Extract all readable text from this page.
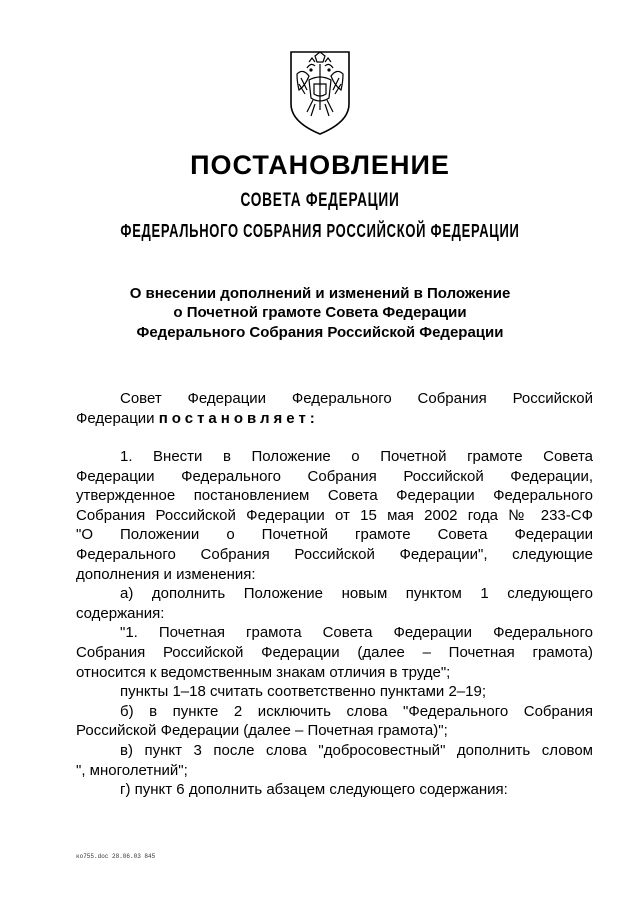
ПОСТАНОВЛЕНИЕ
СОВЕТА ФЕДЕРАЦИИ
ФЕДЕРАЛЬНОГО СОБРАНИЯ РОССИЙСКОЙ ФЕДЕРАЦИИ
О внесении дополнений и изменений в Положение
о Почетной грамоте Совета Федерации
Федерального Собрания Российской Федерации
Совет Федерации Федерального Собрания Российской
Федерации постановляет:
1. Внести в Положение о Почетной грамоте Совета
Федерации Федерального Собрания Российской Федерации,
утвержденное постановлением Совета Федерации Федерального
Собрания Российской Федерации от 15 мая 2002 года № 233-СФ
"О Положении о Почетной грамоте Совета Федерации
Федерального Собрания Российской Федерации", следующие
дополнения и изменения:
а) дополнить Положение новым пунктом 1 следующего
содержания:
"1. Почетная грамота Совета Федерации Федерального
Собрания Российской Федерации (далее – Почетная грамота)
относится к ведомственным знакам отличия в труде";
пункты 1–18 считать соответственно пунктами 2–19;
б) в пункте 2 исключить слова "Федерального Собрания
Российской Федерации (далее – Почетная грамота)";
в) пункт 3 после слова "добросовестный" дополнить словом
", многолетний";
г) пункт 6 дополнить абзацем следующего содержания:
ко755.doc 28.06.03 845
